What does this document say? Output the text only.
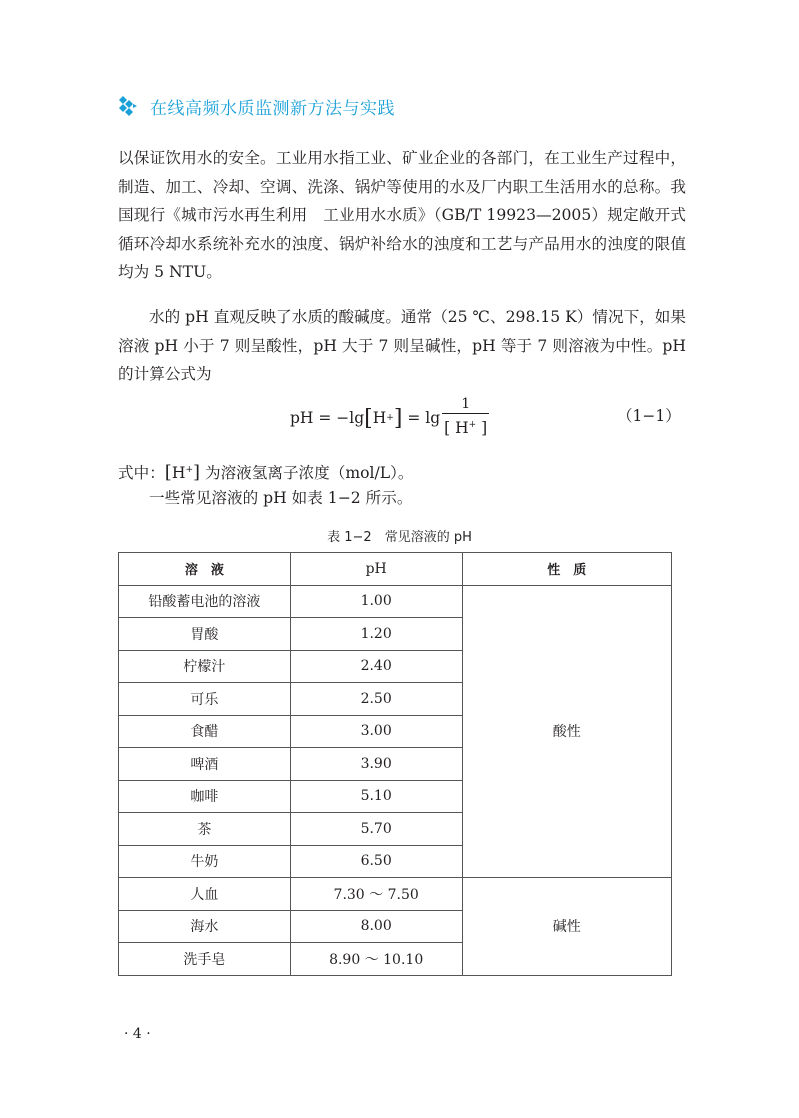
在线高频水质监测新方法与实践

以保证饮用水的安全。工业用水指工业、矿业企业的各部门，在工业生产过程中，制造、加工、冷却、空调、洗涤、锅炉等使用的水及厂内职工生活用水的总称。我国现行《城市污水再生利用　工业用水水质》（GB/T 19923—2005）规定敞开式循环冷却水系统补充水的浊度、锅炉补给水的浊度和工艺与产品用水的浊度的限值均为 5 NTU。

水的 pH 直观反映了水质的酸碱度。通常（25 ℃、298.15 K）情况下，如果溶液 pH 小于 7 则呈酸性，pH 大于 7 则呈碱性，pH 等于 7 则溶液为中性。pH 的计算公式为

pH = −lg [ H + ] = $\lg \frac{1}{[ H^+ ]}$	（1−1）

式中：[H+] 为溶液氢离子浓度（mol/L）。

一些常见溶液的 pH 如表 1−2 所示。

表 1−2　常见溶液的 pH
溶　液	pH	性　质
铅酸蓄电池的溶液	1.00	酸性
胃酸	1.20	
柠檬汁	2.40	
可乐	2.50	
食醋	3.00	
啤酒	3.90	
咖啡	5.10	
茶	5.70	
牛奶	6.50	
人血	7.30 ～ 7.50	碱性
海水	8.00	
洗手皂	8.90 ～ 10.10	
· 4 ·
